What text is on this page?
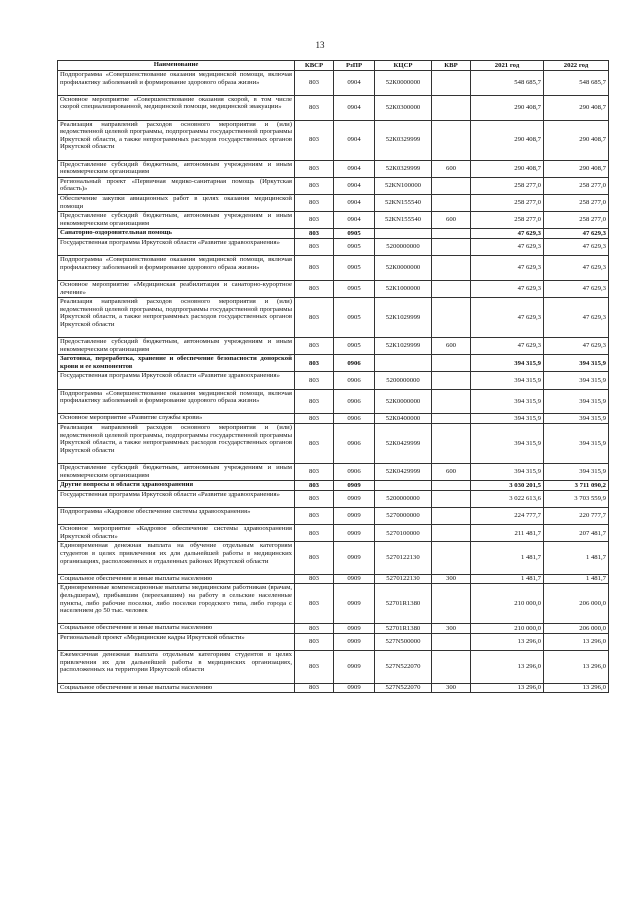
13
Наименование	КВСР	РзПР	КЦСР	КВР	2021 год	2022 год
Подпрограмма «Совершенствование оказания медицинской помощи, включая профилактику заболеваний и формирование здорового образа жизни»	803	0904	52К0000000		548 685,7	548 685,7
Основное мероприятие «Совершенствование оказания скорой, в том числе скорой специализированной, медицинской помощи, медицинской эвакуации»	803	0904	52К0300000		290 408,7	290 408,7
Реализация направлений расходов основного мероприятия и (или) ведомственной целевой программы, подпрограммы государственной программы Иркутской области, а также непрограммных расходов государственных органов Иркутской области	803	0904	52К0329999		290 408,7	290 408,7
Предоставление субсидий бюджетным, автономным учреждениям и иным некоммерческим организациям	803	0904	52К0329999	600	290 408,7	290 408,7
Региональный проект «Первичная медико-санитарная помощь (Иркутская область)»	803	0904	52КN100000		258 277,0	258 277,0
Обеспечение закупки авиационных работ в целях оказания медицинской помощи	803	0904	52КN155540		258 277,0	258 277,0
Предоставление субсидий бюджетным, автономным учреждениям и иным некоммерческим организациям	803	0904	52КN155540	600	258 277,0	258 277,0
Санаторно-оздоровительная помощь	803	0905			47 629,3	47 629,3
Государственная программа Иркутской области «Развитие здравоохранения»	803	0905	5200000000		47 629,3	47 629,3
Подпрограмма «Совершенствование оказания медицинской помощи, включая профилактику заболеваний и формирование здорового образа жизни»	803	0905	52К0000000		47 629,3	47 629,3
Основное мероприятие «Медицинская реабилитация и санаторно-курортное лечение»	803	0905	52К1000000		47 629,3	47 629,3
Реализация направлений расходов основного мероприятия и (или) ведомственной целевой программы, подпрограммы государственной программы Иркутской области, а также непрограммных расходов государственных органов Иркутской области	803	0905	52К1029999		47 629,3	47 629,3
Предоставление субсидий бюджетным, автономным учреждениям и иным некоммерческим организациям	803	0905	52К1029999	600	47 629,3	47 629,3
Заготовка, переработка, хранение и обеспечение безопасности донорской крови и ее компонентов	803	0906			394 315,9	394 315,9
Государственная программа Иркутской области «Развитие здравоохранения»	803	0906	5200000000		394 315,9	394 315,9
Подпрограмма «Совершенствование оказания медицинской помощи, включая профилактику заболеваний и формирование здорового образа жизни»	803	0906	52К0000000		394 315,9	394 315,9
Основное мероприятие «Развитие службы крови»	803	0906	52К0400000		394 315,9	394 315,9
Реализация направлений расходов основного мероприятия и (или) ведомственной целевой программы, подпрограммы государственной программы Иркутской области, а также непрограммных расходов государственных органов Иркутской области	803	0906	52К0429999		394 315,9	394 315,9
Предоставление субсидий бюджетным, автономным учреждениям и иным некоммерческим организациям	803	0906	52К0429999	600	394 315,9	394 315,9
Другие вопросы в области здравоохранения	803	0909			3 030 201,5	3 711 090,2
Государственная программа Иркутской области «Развитие здравоохранения»	803	0909	5200000000		3 022 613,6	3 703 559,9
Подпрограмма «Кадровое обеспечение системы здравоохранения»	803	0909	5270000000		224 777,7	220 777,7
Основное мероприятие «Кадровое обеспечение системы здравоохранения Иркутской области»	803	0909	5270100000		211 481,7	207 481,7
Единовременная денежная выплата на обучение отдельным категориям студентов в целях привлечения их для дальнейшей работы в медицинских организациях, расположенных в отдаленных районах Иркутской области	803	0909	5270122130		1 481,7	1 481,7
Социальное обеспечение и иные выплаты населению	803	0909	5270122130	300	1 481,7	1 481,7
Единовременные компенсационные выплаты медицинским работникам (врачам, фельдшерам), прибывшим (переехавшим) на работу в сельские населенные пункты, либо рабочие поселки, либо поселки городского типа, либо города с населением до 50 тыс. человек	803	0909	52701R1380		210 000,0	206 000,0
Социальное обеспечение и иные выплаты населению	803	0909	52701R1380	300	210 000,0	206 000,0
Региональный проект «Медицинские кадры Иркутской области»	803	0909	527N500000		13 296,0	13 296,0
Ежемесячная денежная выплата отдельным категориям студентов в целях привлечения их для дальнейшей работы в медицинских организациях, расположенных на территории Иркутской области	803	0909	527N522070		13 296,0	13 296,0
Социальное обеспечение и иные выплаты населению	803	0909	527N522070	300	13 296,0	13 296,0
